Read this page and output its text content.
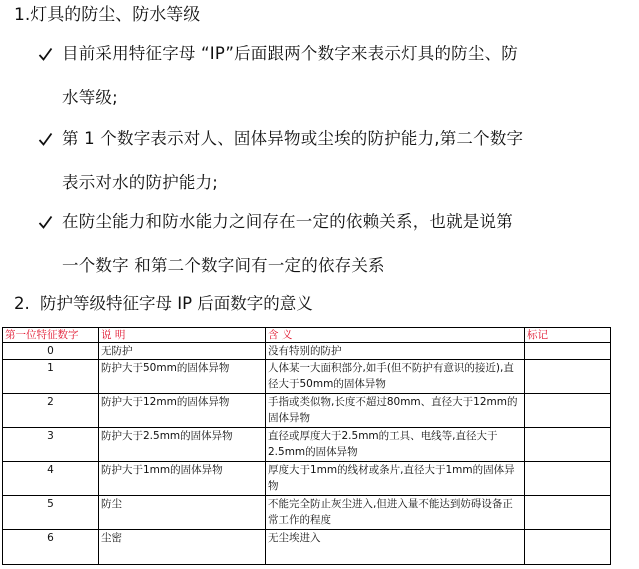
1.灯具的防尘、防水等级
目前采用特征字母 “IP”后面跟两个数字来表示灯具的防尘、防
水等级;
第 1 个数字表示对人、固体异物或尘埃的防护能力,第二个数字
表示对水的防护能力;
在防尘能力和防水能力之间存在一定的依赖关系，也就是说第
一个数字 和第二个数字间有一定的依存关系
2. 防护等级特征字母 IP 后面数字的意义
第一位特征数字	说 明	含 义	标记
0	无防护	没有特别的防护	
1	防护大于50mm的固体异物	人体某一大面积部分,如手(但不防护有意识的接近),直径大于50mm的固体异物	
2	防护大于12mm的固体异物	手指或类似物,长度不超过80mm、直径大于12mm的固体异物	
3	防护大于2.5mm的固体异物	直径或厚度大于2.5mm的工具、电线等,直径大于2.5mm的固体异物	
4	防护大于1mm的固体异物	厚度大于1mm的线材或条片,直径大于1mm的固体异物	
5	防尘	不能完全防止灰尘进入,但进入量不能达到妨碍设备正常工作的程度	
6	尘密	无尘埃进入	
